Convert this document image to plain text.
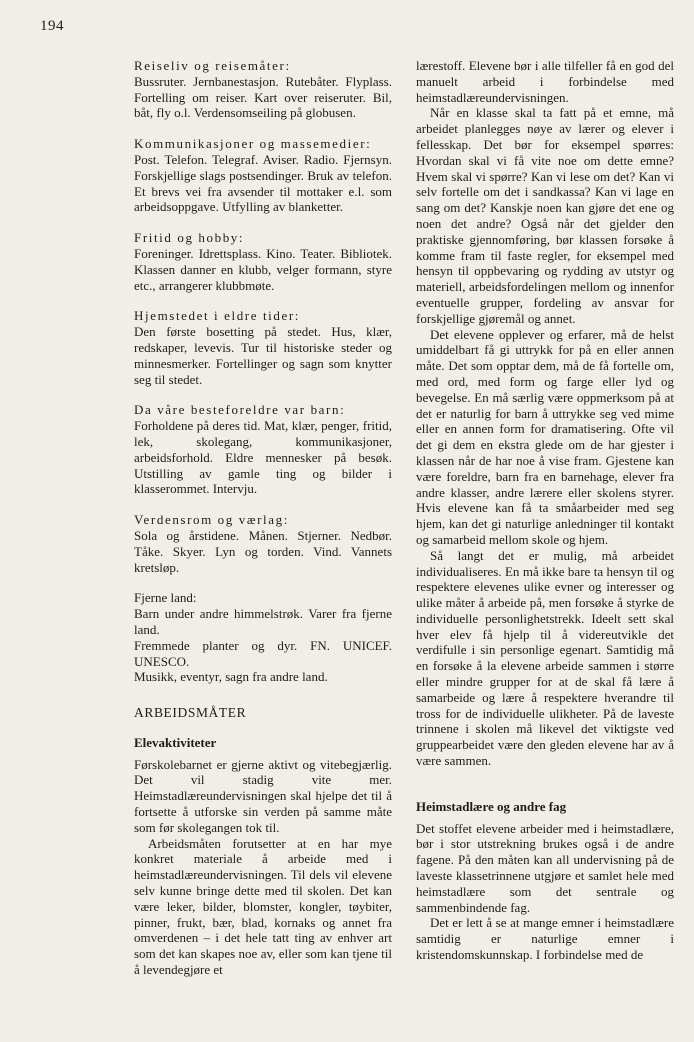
194

Reiseliv og reisemåter:

Bussruter. Jernbanestasjon. Rutebåter. Flyplass. Fortelling om reiser. Kart over reiseruter. Bil, båt, fly o.l. Verdensomseiling på globusen.

Kommunikasjoner og massemedier:

Post. Telefon. Telegraf. Aviser. Radio. Fjernsyn. Forskjellige slags postsendinger. Bruk av telefon. Et brevs vei fra avsender til mottaker e.l. som arbeidsoppgave. Utfylling av blanketter.

Fritid og hobby:

Foreninger. Idrettsplass. Kino. Teater. Bibliotek. Klassen danner en klubb, velger formann, styre etc., arrangerer klubbmøte.

Hjemstedet i eldre tider:

Den første bosetting på stedet. Hus, klær, redskaper, levevis. Tur til historiske steder og minnesmerker. Fortellinger og sagn som knytter seg til stedet.

Da våre besteforeldre var barn:

Forholdene på deres tid. Mat, klær, penger, fritid, lek, skolegang, kommunikasjoner, arbeidsforhold. Eldre mennesker på besøk. Utstilling av gamle ting og bilder i klasserommet. Intervju.

Verdensrom og værlag:

Sola og årstidene. Månen. Stjerner. Nedbør. Tåke. Skyer. Lyn og torden. Vind. Vannets kretsløp.

Fjerne land:

Barn under andre himmelstrøk. Varer fra fjerne land.

Fremmede planter og dyr. FN. UNICEF. UNESCO.

Musikk, eventyr, sagn fra andre land.

ARBEIDSMÅTER
Elevaktiviteter

Førskolebarnet er gjerne aktivt og vitebegjærlig. Det vil stadig vite mer. Heimstadlæreundervisningen skal hjelpe det til å fortsette å utforske sin verden på samme måte som før skolegangen tok til.

Arbeidsmåten forutsetter at en har mye konkret materiale å arbeide med i heimstadlæreundervisningen. Til dels vil elevene selv kunne bringe dette med til skolen. Det kan være leker, bilder, blomster, kongler, tøybiter, pinner, frukt, bær, blad, kornaks og annet fra omverdenen – i det hele tatt ting av enhver art som det kan skapes noe av, eller som kan tjene til å levendegjøre et

lærestoff. Elevene bør i alle tilfeller få en god del manuelt arbeid i forbindelse med heimstadlæreundervisningen.

Når en klasse skal ta fatt på et emne, må arbeidet planlegges nøye av lærer og elever i fellesskap. Det bør for eksempel spørres: Hvordan skal vi få vite noe om dette emne? Hvem skal vi spørre? Kan vi lese om det? Kan vi selv fortelle om det i sandkassa? Kan vi lage en sang om det? Kanskje noen kan gjøre det ene og noen det andre? Også når det gjelder den praktiske gjennomføring, bør klassen forsøke å komme fram til faste regler, for eksempel med hensyn til oppbevaring og rydding av utstyr og materiell, arbeidsfordelingen mellom og innenfor eventuelle grupper, fordeling av ansvar for forskjellige gjøremål og annet.

Det elevene opplever og erfarer, må de helst umiddelbart få gi uttrykk for på en eller annen måte. Det som opptar dem, må de få fortelle om, med ord, med form og farge eller lyd og bevegelse. En må særlig være oppmerksom på at det er naturlig for barn å uttrykke seg ved mime eller en annen form for dramatisering. Ofte vil det gi dem en ekstra glede om de har gjester i klassen når de har noe å vise fram. Gjestene kan være foreldre, barn fra en barnehage, elever fra andre klasser, andre lærere eller skolens styrer. Hvis elevene kan få ta småarbeider med seg hjem, kan det gi naturlige anledninger til kontakt og samarbeid mellom skole og hjem.

Så langt det er mulig, må arbeidet individualiseres. En må ikke bare ta hensyn til og respektere elevenes ulike evner og interesser og ulike måter å arbeide på, men forsøke å styrke de individuelle personlighetstrekk. Ideelt sett skal hver elev få hjelp til å videreutvikle det verdifulle i sin personlige egenart. Samtidig må en forsøke å la elevene arbeide sammen i større eller mindre grupper for at de skal få lære å samarbeide og lære å respektere hverandre til tross for de individuelle ulikheter. På de laveste trinnene i skolen må likevel det viktigste ved gruppearbeidet være den gleden elevene har av å være sammen.

Heimstadlære og andre fag

Det stoffet elevene arbeider med i heimstadlære, bør i stor utstrekning brukes også i de andre fagene. På den måten kan all undervisning på de laveste klassetrinnene utgjøre et samlet hele med heimstadlære som det sentrale og sammenbindende fag.

Det er lett å se at mange emner i heimstadlære samtidig er naturlige emner i kristendomskunnskap. I forbindelse med de
